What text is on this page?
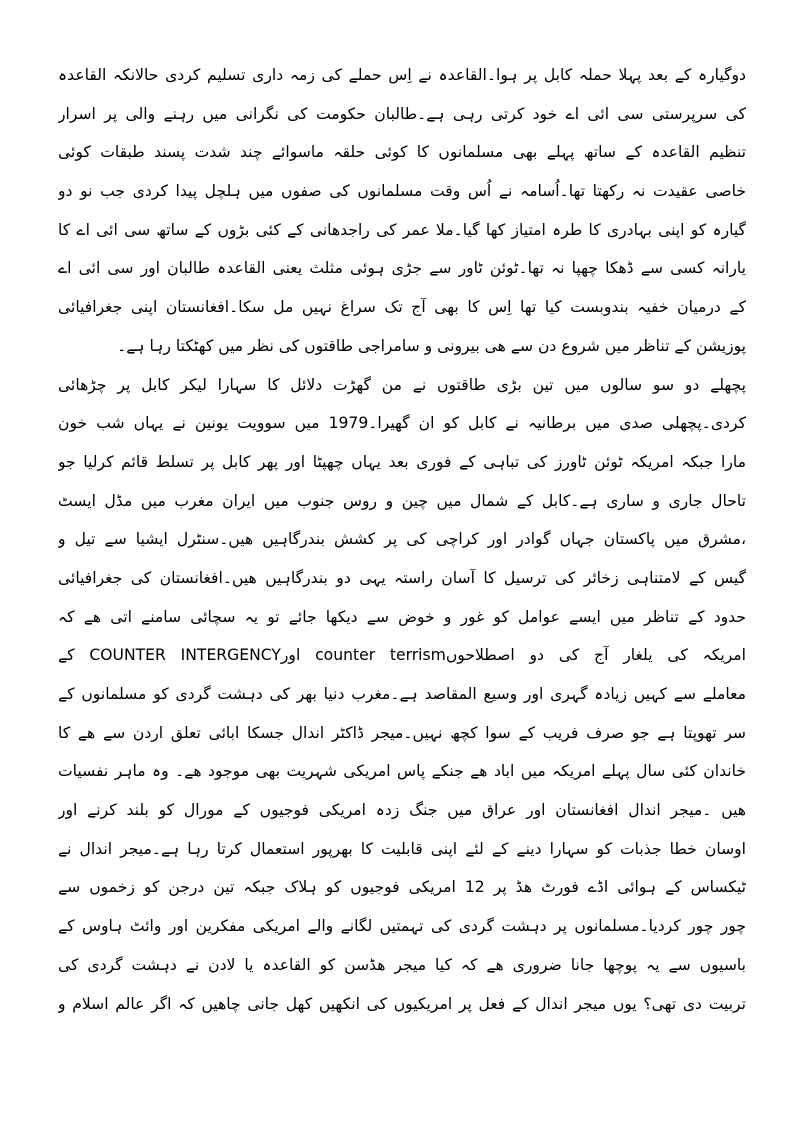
دوگیارہ کے بعد پہلا حملہ کابل پر ہوا۔القاعدہ نے اِس حملے کی زمہ داری تسلیم کردی حالانکہ القاعدہ
کی سرپرستی سی ائی اے خود کرتی رہی ہے۔طالبان حکومت کی نگرانی میں رہنے والی پر اسرار
تنظیم القاعدہ کے ساتھ پہلے بھی مسلمانوں کا کوئی حلقہ ماسوائے چند شدت پسند طبقات کوئی
خاصی عقیدت نہ رکھتا تھا۔اُسامہ نے اُس وقت مسلمانوں کی صفوں میں ہلچل پیدا کردی جب نو دو
گیارہ کو اپنی بہادری کا طرہ امتیاز کھا گیا۔ملا عمر کی راجدھانی کے کئی بڑوں کے ساتھ سی ائی اے کا
یارانہ کسی سے ڈھکا چھپا نہ تھا۔ٹوئن ٹاور سے جڑی ہوئی مثلث یعنی القاعدہ طالبان اور سی ائی اے
کے درمیان خفیہ بندوبست کیا تھا اِس کا بھی آج تک سراغ نہیں مل سکا۔افغانستان اپنی جغرافیائی
پوزیشن کے تناظر میں شروع دن سے ھی بیرونی و سامراجی طاقتوں کی نظر میں کھٹکتا رہا ہے۔
پچھلے دو سو سالوں میں تین بڑی طاقتوں نے من گھڑت دلائل کا سہارا لیکر کابل پر چڑھائی
کردی۔پچھلی صدی میں برطانیہ نے کابل کو ان گھیرا۔1979 میں سوویت یونین نے یہاں شب خون
مارا جبکہ امریکہ ٹوئن ٹاورز کی تباہی کے فوری بعد یہاں چھپٹا اور پھر کابل پر تسلط قائم کرلیا جو
تاحال جاری و ساری ہے۔کابل کے شمال میں چین و روس جنوب میں ایران مغرب میں مڈل ایسٹ
،مشرق میں پاکستان جہاں گوادر اور کراچی کی پر کشش بندرگاہیں ھیں۔سنٹرل ایشیا سے تیل و
گیس کے لامتناہی زخائر کی ترسیل کا آسان راستہ یہی دو بندرگاہیں ھیں۔افغانستان کی جغرافیائی
حدود کے تناظر میں ایسے عوامل کو غور و خوض سے دیکھا جائے تو یہ سچائی سامنے اتی ھے کہ
امریکہ کی یلغار آج کی دو اصطلاحوںcounter terrism اورCOUNTER INTERGENCY کے
معاملے سے کہیں زیادہ گہری اور وسیع المقاصد ہے۔مغرب دنیا بھر کی دہشت گردی کو مسلمانوں کے
سر تھوپتا ہے جو صرف فریب کے سوا کچھ نہیں۔میجر ڈاکٹر اندال جسکا ابائی تعلق اردن سے ھے کا
خاندان کئی سال پہلے امریکہ میں اباد ھے جنکے پاس امریکی شہریت بھی موجود ھے۔ وہ ماہر نفسیات
ھیں ۔میجر اندال افغانستان اور عراق میں جنگ زدہ امریکی فوجیوں کے مورال کو بلند کرنے اور
اوسان خطا جذبات کو سہارا دینے کے لئے اپنی قابلیت کا بھرپور استعمال کرتا رہا ہے۔میجر اندال نے
ٹیکساس کے ہوائی اڈے فورٹ ھڈ پر 12 امریکی فوجیوں کو ہلاک جبکہ تین درجن کو زخموں سے
چور چور کردیا۔مسلمانوں پر دہشت گردی کی تہمتیں لگانے والے امریکی مفکرین اور وائٹ ہاوس کے
باسیوں سے یہ پوچھا جانا ضروری ھے کہ کیا میجر ھڈسن کو القاعدہ یا لادن نے دہشت گردی کی
تربیت دی تھی؟ یوں میجر اندال کے فعل پر امریکیوں کی انکھیں کھل جانی چاھیں کہ اگر عالم اسلام و
